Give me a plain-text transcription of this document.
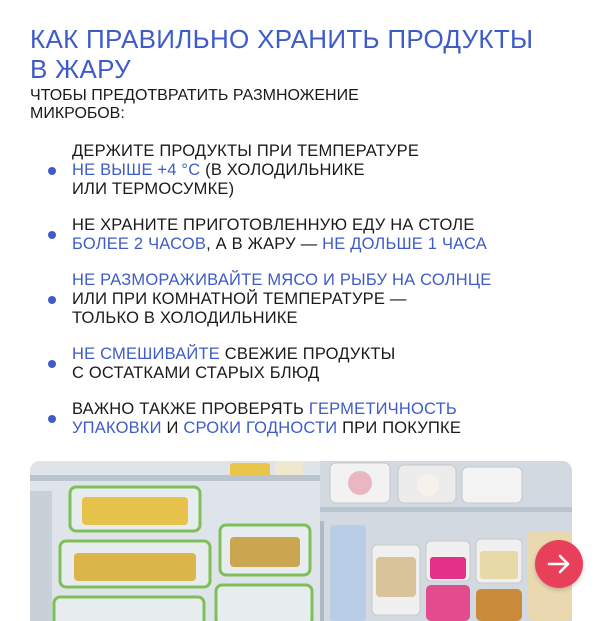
КАК ПРАВИЛЬНО ХРАНИТЬ ПРОДУКТЫ
В ЖАРУ

ЧТОБЫ ПРЕДОТВРАТИТЬ РАЗМНОЖЕНИЕ
МИКРОБОВ:

ДЕРЖИТЕ ПРОДУКТЫ ПРИ ТЕМПЕРАТУРЕ
НЕ ВЫШЕ +4 °C (В ХОЛОДИЛЬНИКЕ
ИЛИ ТЕРМОСУМКЕ)
НЕ ХРАНИТЕ ПРИГОТОВЛЕННУЮ ЕДУ НА СТОЛЕ
БОЛЕЕ 2 ЧАСОВ, А В ЖАРУ — НЕ ДОЛЬШЕ 1 ЧАСА
НЕ РАЗМОРАЖИВАЙТЕ МЯСО И РЫБУ НА СОЛНЦЕ
ИЛИ ПРИ КОМНАТНОЙ ТЕМПЕРАТУРЕ —
ТОЛЬКО В ХОЛОДИЛЬНИКЕ
НЕ СМЕШИВАЙТЕ СВЕЖИЕ ПРОДУКТЫ
С ОСТАТКАМИ СТАРЫХ БЛЮД
ВАЖНО ТАКЖЕ ПРОВЕРЯТЬ ГЕРМЕТИЧНОСТЬ
УПАКОВКИ И СРОКИ ГОДНОСТИ ПРИ ПОКУПКЕ
